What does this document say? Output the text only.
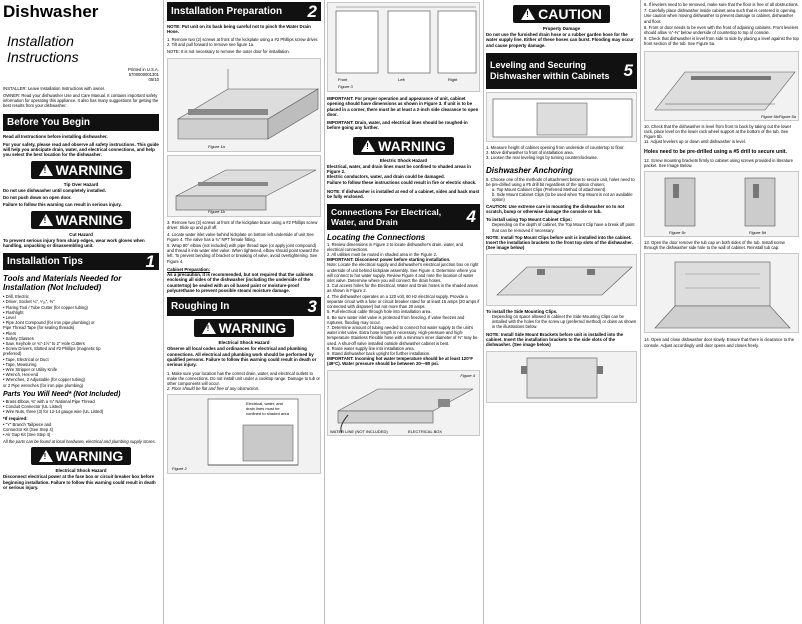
Dishwasher
Installation
Instructions
Printed in U.S.A.
5700000001301
05/10
INSTALLER: Leave Installation Instructions with owner.
OWNER: Read your dishwasher Use and Care Manual. It contains important safety information for operating this appliance. It also has many suggestions for getting the best results from your dishwasher.
Before You Begin
Read all Instructions before installing dishwasher.
For your safety, please read and observe all safety instructions. This guide will help you anticipate drain, water, and electrical connections, and help you select the best location for the dishwasher.
!
WARNING
Tip Over Hazard
Do not use dishwasher until completely installed.
Do not push down on open door.
Failure to follow this warning can result in serious injury.
!
WARNING
Cut Hazard
To prevent serious injury from sharp edges, wear work gloves when handling, unpacking or disassembling unit.
Installation Tips	1
Tools and Materials Needed for Installation (Not Included)
• Drill, Electric
• Driver, Socket ¼", ⁵⁄₁₆", ⅜"
• Flaring Tool / Tube Cutter (for copper tubing)
• Flashlight
• Level
• Pipe Joint Compound (for iron pipe plumbing) or
Pipe Thread Tape (for sealing threads)
• Pliers
• Safety Glasses
• Saw, Keyhole or ¾"-1½" to 2" Hole Cutters
• Screw Drivers, Slotted and #2 Phillips (magnetic tip
preferred)
• Tape, Electrical or Duct
• Tape, Measuring
• Wire Stripper or Utility Knife
• Wrench, Hex-end
• Wrenches, 2 Adjustable (for copper tubing)
or 2 Pipe wrenches (for iron pipe plumbing)
Parts You Will Need* (Not Included)
• Brass Elbow, ⅜" with a ¾" National Pipe Thread
• Conduit Connector (UL Listed)
• Wire Nuts, three (3) for 12-14 gauge wire (UL Listed)
*If required:
• "Y" Branch Tailpiece and
Connector Kit (See Step 4)
• Air Gap Kit (See Step 4)
All the parts can be found at local hardware, electrical and plumbing supply stores.
!
WARNING
Electrical Shock Hazard
Disconnect electrical power at the fuse box or circuit breaker box before beginning installation. Failure to follow this warning could result in death or serious injury.
Installation Preparation 2
NOTE: Put unit on its back being careful not to pinch the Water Drain Hose.
1. Remove two (2) screws at front of the kickplate using a #2 Phillips screw driver.
2. Tilt and pull forward to remove see figure 1a.
NOTE: It is not necessary to remove the outer door for installation.
Figure 1a
Figure 1b
3. Remove two (2) screws at front of the kickplate brace using a #2 Phillips screw driver. Slide up and pull off.
4. Locate water inlet valve behind kickplate on bottom left underside of unit See Figure 4. The valve has a ¾" NPT female fitting.
5. Wrap 90° elbow (not included) with pipe thread tape (or apply joint compound) and thread it into water inlet valve. When tightened, elbow should point toward the left. To prevent bending of bracket or breaking of valve, avoid overtightening. See Figure 4.
Cabinet Preparation:
As a precaution, it is recommended, but not required that the cabinets enclosing all sides of the dishwasher (including the underside of the countertop) be sealed with an oil based paint or moisture-proof polyurethane to prevent possible steam/ moisture damage.
Roughing In	3
!
WARNING
Electrical Shock Hazard
Observe all local codes and ordinances for electrical and plumbing connections. All electrical and plumbing work should be performed by qualified persons. Failure to follow this warning could result in death or serious injury.
1. Make sure your location has the correct drain, water, and electrical outlets to make the connections. Do not install unit under a cooktop range. Damage to tub or other components will occur.
2. Floor should be flat and free of any obstruction.
Electrical, water, and drain lines must be confined to shaded area
Figure 2
Front	Left	Right
Figure 3
IMPORTANT: For proper operation and appearance of unit, cabinet opening should have dimensions as shown in Figure 3. If unit is to be placed in a corner, there must be at least a 2-inch side clearance to open door.
IMPORTANT: Drain, water, and electrical lines should be roughed-in before going any further.
!
WARNING
Electric Shock Hazard
Electrical, water, and drain lines must be confined to shaded areas in Figure 2.
Electric conductors, water, and drain could be damaged.
Failure to follow these instructions could result in fire or electric shock.
NOTE: If dishwasher is installed at end of a cabinet, sides and back must be fully enclosed.
Connections For Electrical, Water, and Drain	4
Locating the Connections
1. Review dimensions in Figure 2 to locate dishwasher's drain, water, and electrical connections.
2. All utilities must be routed in shaded area in the Figure 2.
IMPORTANT: Disconnect power before starting installation.
Note: Locate the electrical supply and dishwasher's electrical junction box on right underside of unit behind kickplate assembly. See Figure 4. Determine where you will connect to hot water supply. Review Figure 4 and note the location of water inlet valve. Determine where you will connect the drain hoses.
3. Cut access holes for the Electrical, Water and Drain hoses in the shaded areas as shown in Figure 2.
4. The dishwasher operates on a 120 volt, 60 Hz electrical supply. Provide a separate circuit with a fuse or circuit breaker rated for at least 15 amps (20 amps if connected with disposer) but not more than 20 amps.
5. Pull electrical cable through hole into installation area.
6. Be sure water inlet valve is protected from freezing. If valve freezes and ruptures, flooding may occur.
7. Determine amount of tubing needed to connect hot water supply to the unit's water inlet valve. Extra hose length is necessary. High-pressure and high-temperature Stainless Flexible hose with a minimum inner diameter of ⅜" may be used. A shut-off valve installed outside dishwasher cabinet is best.
8. Route water supply line into installation area.
9. Stand dishwasher back upright for further installation.
IMPORTANT: Incoming hot water temperature should be at least 120°F (49°C). Water pressure should be between 20—80 psi.
Figure 4
WATER LINE (NOT INCLUDED)	ELECTRICAL BOX
!
CAUTION
Property Damage
Do not use the furnished drain hose or a rubber garden hose for the water supply line. Either of these hoses can burst. Flooding may occur and cause property damage.
Leveling and Securing Dishwasher within Cabinets 5
1. Measure height of cabinet opening from underside of countertop to floor.
2. Move dishwasher to front of installation area.
3. Loosen the rear leveling legs by turning counterclockwise.
Dishwasher Anchoring
5. Choose one of the methods of attachment below to secure unit, holes need to be pre-drilled using a #5 drill bit regardless of the option chosen;
a. Top Mount Cabinet Clips (Preferred Method of attachment)
b. Side Mount Cabinet Clips (to be used when Top Mount is not an available option)
CAUTION: Use extreme care in mounting the dishwasher so to not scratch, bump or otherwise damage the console or tub.
To install using Top Mount Cabinet Clips:
Depending on the depth of cabinet, the Top Mount Clip have a break off point that can be removed if necessary.
NOTE: Install Top Mount Clips before unit is installed into the cabinet. Insert the installation brackets to the front top slots of the dishwasher. (See image below)
To install the Side Mounting Clips.
Depending on space allowed in cabinet the Side Mounting Clips can be installed with the holes for the screw up (preferred method) or down as shown in the illustrations below.
NOTE: Install Side Mount Brackets before unit is installed into the cabinet. Insert the installation brackets to the side slots of the dishwasher. (See image below)
6. If levelers need to be removed, make sure that the floor is free of all obstructions.
7. Carefully place dishwasher inside cabinet area such that is centered in opening. Use caution when moving dishwasher to prevent damage to cabinet, dishwasher and floor.
8. Front or door needs to be even with the front of adjoining cabinets. Front levelers should allow ⅛"-⅜" below underside of countertop to top of console.
9. Check that dishwasher is level from side to side by placing a level against the top front section of the tub. See Figure 5a.
Figure 5b/Figure 5a
10. Check that the dishwasher is level from front to back by taking out the lower rack, place level on the lower rack wheel support at the bottom of the tub. See Figure 5b.
11. Adjust levelers up or down until dishwasher is level.
Holes need to be pre-drilled using a #5 drill to secure unit.
12. Screw mounting brackets firmly to cabinet using screws provided in literature packet. See Image Below.
Figure 5c	Figure 5d
13. Open the door remove the tub cap on both sides of the tub. Install screw through the dishwasher side hole to the wall of cabinet. Reinstall tub cap.
14. Open and close dishwasher door slowly. Ensure that there is clearance to the console. Adjust accordingly until door opens and closes freely.
